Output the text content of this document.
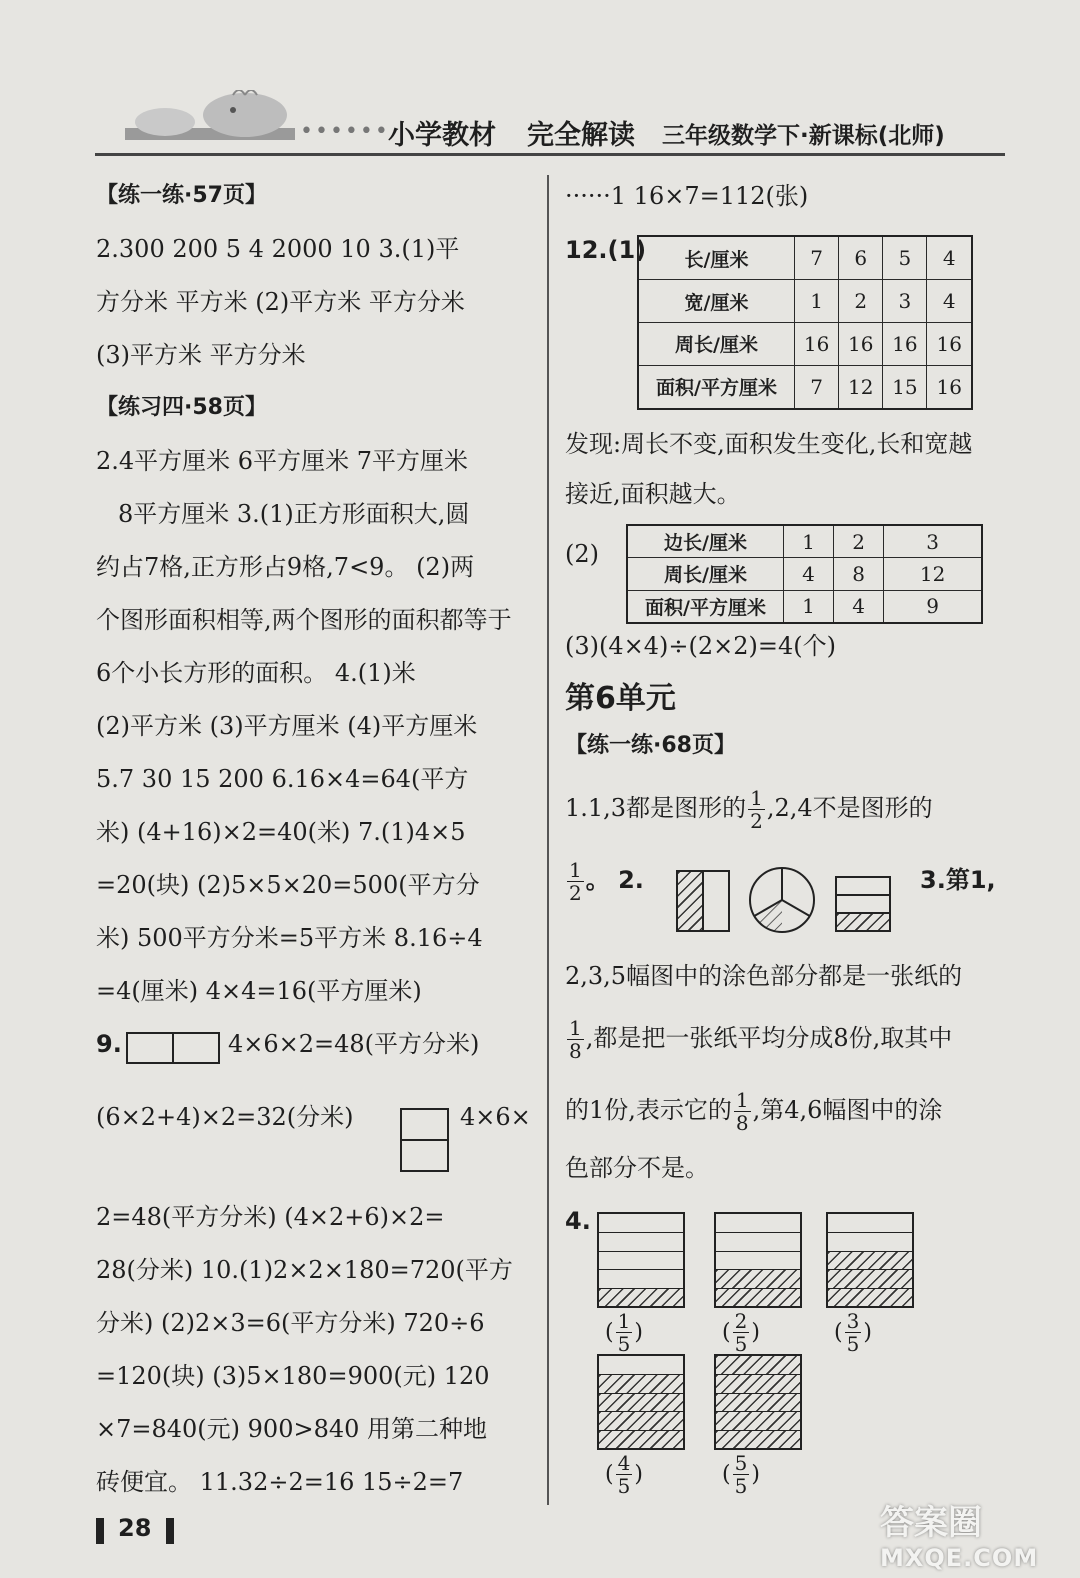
••••••
小学教材 完全解读 三年级数学下·新课标(北师)
【练一练·57页】
2.300 200 5 4 2000 10 3.(1)平
方分米 平方米 (2)平方米 平方分米
(3)平方米 平方分米
【练习四·58页】
2.4平方厘米 6平方厘米 7平方厘米
8平方厘米 3.(1)正方形面积大,圆
约占7格,正方形占9格,7<9。 (2)两
个图形面积相等,两个图形的面积都等于
6个小长方形的面积。 4.(1)米
(2)平方米 (3)平方厘米 (4)平方厘米
5.7 30 15 200 6.16×4=64(平方
米) (4+16)×2=40(米) 7.(1)4×5
=20(块) (2)5×5×20=500(平方分
米) 500平方分米=5平方米 8.16÷4
=4(厘米) 4×4=16(平方厘米)
9.	4×6×2=48(平方分米)
(6×2+4)×2=32(分米)	4×6×
2=48(平方分米) (4×2+6)×2=
28(分米) 10.(1)2×2×180=720(平方
分米) (2)2×3=6(平方分米) 720÷6
=120(块) (3)5×180=900(元) 120
×7=840(元) 900>840 用第二种地
砖便宜。 11.32÷2=16 15÷2=7
28
······1 16×7=112(张)
12.(1) 长/厘米	7	6	5	4
宽/厘米	1	2	3	4
周长/厘米	16	16	16	16
面积/平方厘米	7	12	15	16
发现:周长不变,面积发生变化,长和宽越
接近,面积越大。
(2)	边长/厘米	1	2	3
周长/厘米	4	8	12
面积/平方厘米	1	4	9
(3)(4×4)÷(2×2)=4(个)
第6单元
【练一练·68页】
1.1,3都是图形的 $\frac{1}{2} ,2,4$不是图形的
$\frac{1}{2}$ 。 2.	3.第1,
2,3,5幅图中的涂色部分都是一张纸的
$\frac{1}{8}$ ,都是把一张纸平均分成8份,取其中
的1份,表示它的 $\frac{1}{8}$ ,第4,6幅图中的涂
色部分不是。
4.
( $\frac{1}{5}$ )	( $\frac{2}{5}$ )	( $\frac{3}{5}$ )
( $\frac{4}{5}$ )	( $\frac{5}{5}$ )
答案圈
MXQE.COM
